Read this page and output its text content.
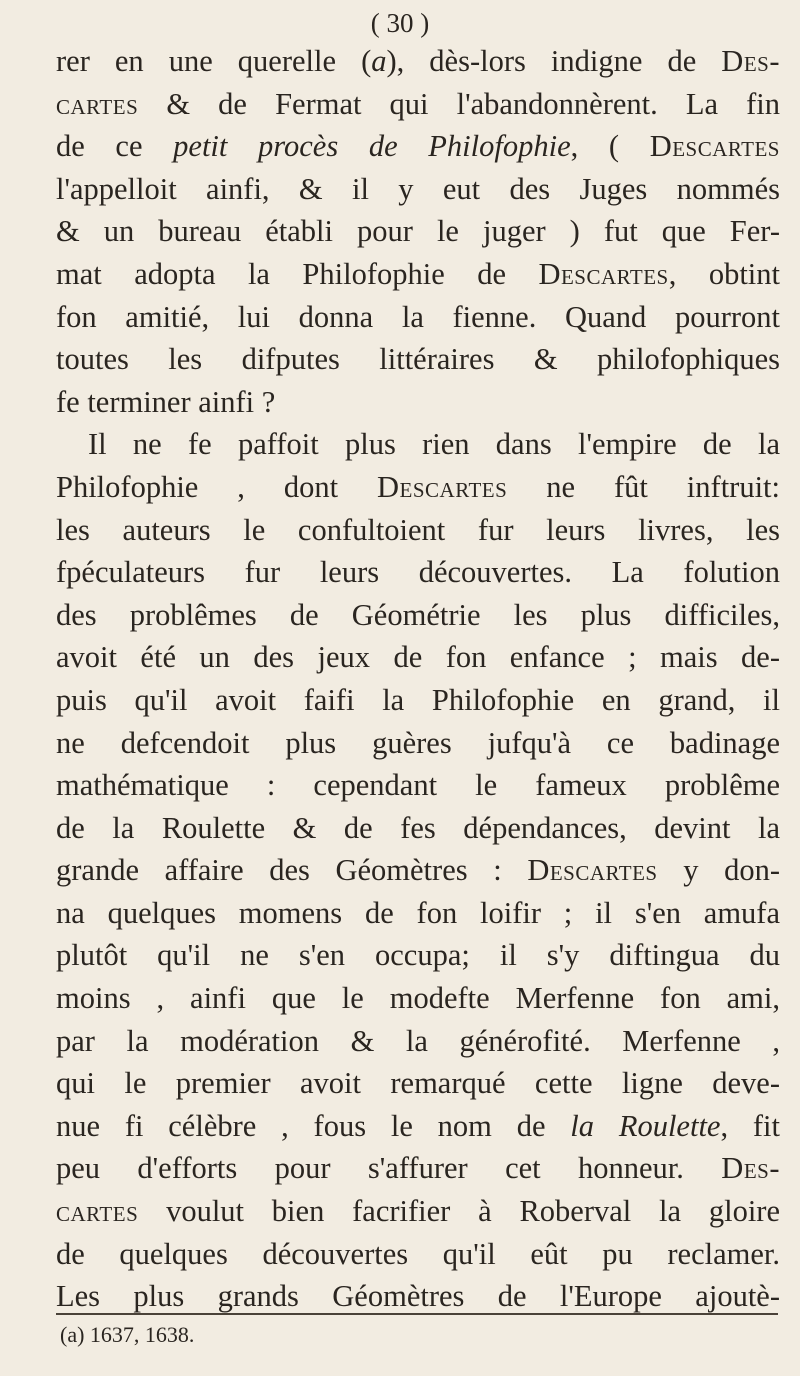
( 30 )
rer en une querelle (a), dès-lors indigne de Des-
cartes & de Fermat qui l'abandonnèrent. La fin
de ce petit procès de Philofophie, ( Descartes
l'appelloit ainfi, & il y eut des Juges nommés
& un bureau établi pour le juger ) fut que Fer-
mat adopta la Philofophie de Descartes, obtint
fon amitié, lui donna la fienne. Quand pourront
toutes les difputes littéraires & philofophiques
fe terminer ainfi ?
Il ne fe paffoit plus rien dans l'empire de la
Philofophie , dont Descartes ne fût inftruit:
les auteurs le confultoient fur leurs livres, les
fpéculateurs fur leurs découvertes. La folution
des problêmes de Géométrie les plus difficiles,
avoit été un des jeux de fon enfance ; mais de-
puis qu'il avoit faifi la Philofophie en grand, il
ne defcendoit plus guères jufqu'à ce badinage
mathématique : cependant le fameux problême
de la Roulette & de fes dépendances, devint la
grande affaire des Géomètres : Descartes y don-
na quelques momens de fon loifir ; il s'en amufa
plutôt qu'il ne s'en occupa; il s'y diftingua du
moins , ainfi que le modefte Merfenne fon ami,
par la modération & la générofité. Merfenne ,
qui le premier avoit remarqué cette ligne deve-
nue fi célèbre , fous le nom de la Roulette, fit
peu d'efforts pour s'affurer cet honneur. Des-
cartes voulut bien facrifier à Roberval la gloire
de quelques découvertes qu'il eût pu reclamer.
Les plus grands Géomètres de l'Europe ajoutè-
(a) 1637, 1638.
